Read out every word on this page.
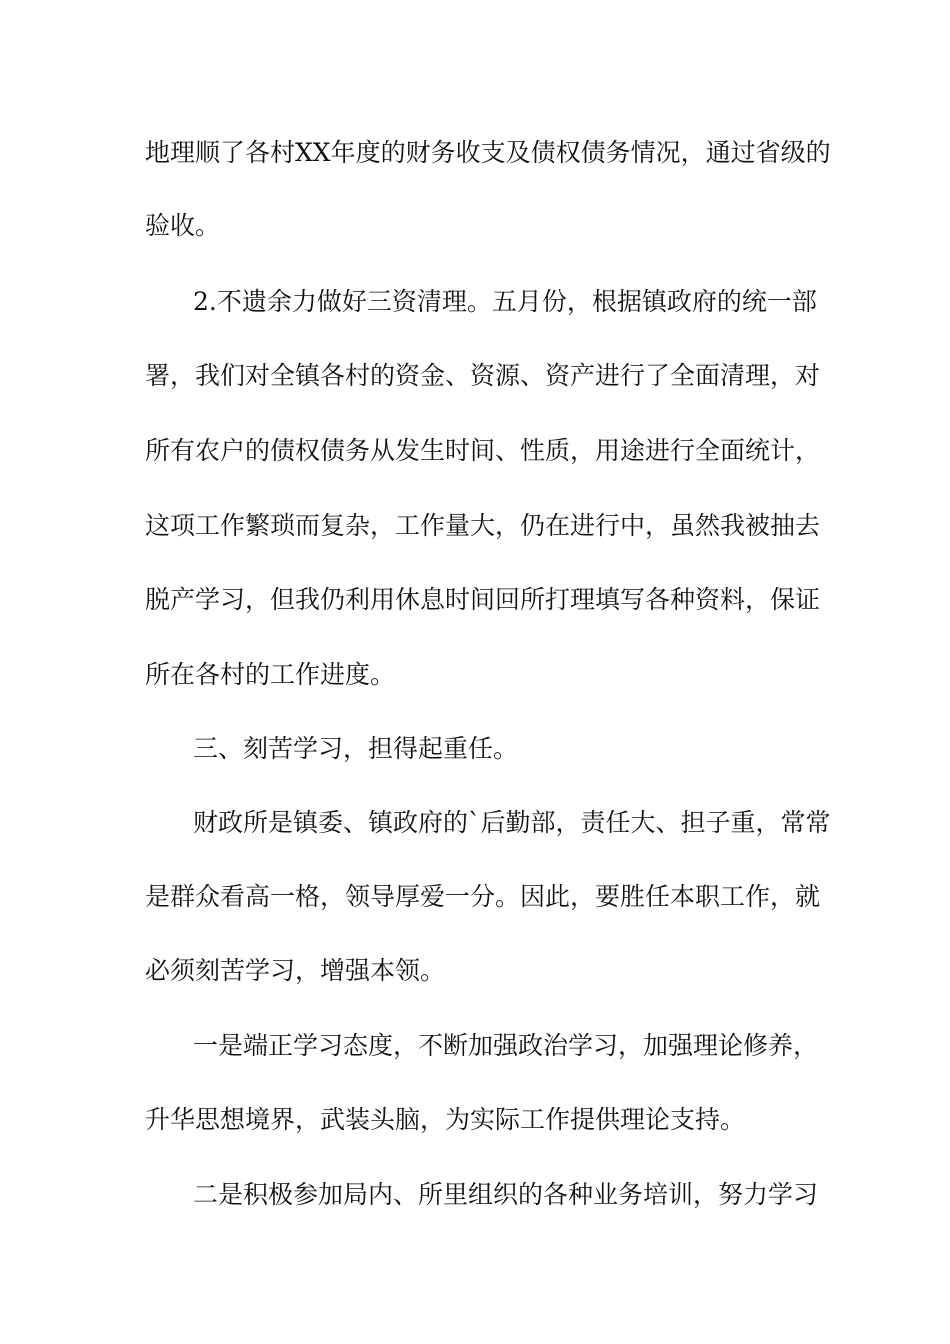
地理顺了各村XX年度的财务收支及债权债务情况，通过省级的
验收。
2.不遗余力做好三资清理。五月份，根据镇政府的统一部
署，我们对全镇各村的资金、资源、资产进行了全面清理，对
所有农户的债权债务从发生时间、性质，用途进行全面统计，
这项工作繁琐而复杂，工作量大，仍在进行中，虽然我被抽去
脱产学习，但我仍利用休息时间回所打理填写各种资料，保证
所在各村的工作进度。
三、刻苦学习，担得起重任。
财政所是镇委、镇政府的`后勤部，责任大、担子重，常常
是群众看高一格，领导厚爱一分。因此，要胜任本职工作，就
必须刻苦学习，增强本领。
一是端正学习态度，不断加强政治学习，加强理论修养，
升华思想境界，武装头脑，为实际工作提供理论支持。
二是积极参加局内、所里组织的各种业务培训，努力学习
